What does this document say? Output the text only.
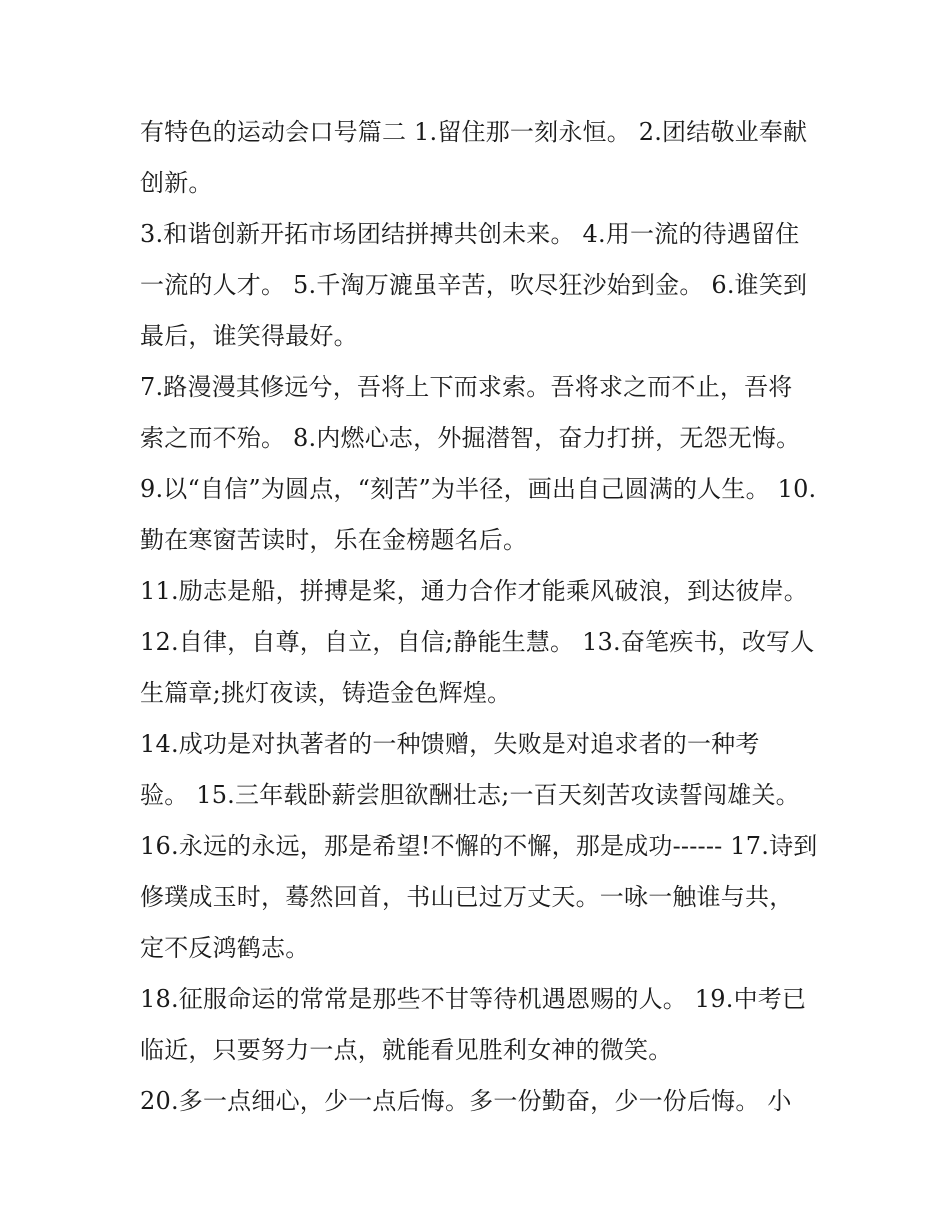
有特色的运动会口号篇二 1.留住那一刻永恒。 2.团结敬业奉献
创新。
3.和谐创新开拓市场团结拼搏共创未来。 4.用一流的待遇留住
一流的人才。 5.千淘万漉虽辛苦，吹尽狂沙始到金。 6.谁笑到
最后，谁笑得最好。
7.路漫漫其修远兮，吾将上下而求索。吾将求之而不止，吾将
索之而不殆。 8.内燃心志，外掘潜智，奋力打拼，无怨无悔。
9.以“自信”为圆点，“刻苦”为半径，画出自己圆满的人生。 10.
勤在寒窗苦读时，乐在金榜题名后。
11.励志是船，拼搏是桨，通力合作才能乘风破浪，到达彼岸。
12.自律，自尊，自立，自信;静能生慧。 13.奋笔疾书，改写人
生篇章;挑灯夜读，铸造金色辉煌。
14.成功是对执著者的一种馈赠，失败是对追求者的一种考
验。 15.三年载卧薪尝胆欲酬壮志;一百天刻苦攻读誓闯雄关。
16.永远的永远，那是希望!不懈的不懈，那是成功------ 17.诗到
修璞成玉时，蓦然回首，书山已过万丈天。一咏一触谁与共，
定不反鸿鹤志。
18.征服命运的常常是那些不甘等待机遇恩赐的人。 19.中考已
临近，只要努力一点，就能看见胜利女神的微笑。
20.多一点细心，少一点后悔。多一份勤奋，少一份后悔。 小
